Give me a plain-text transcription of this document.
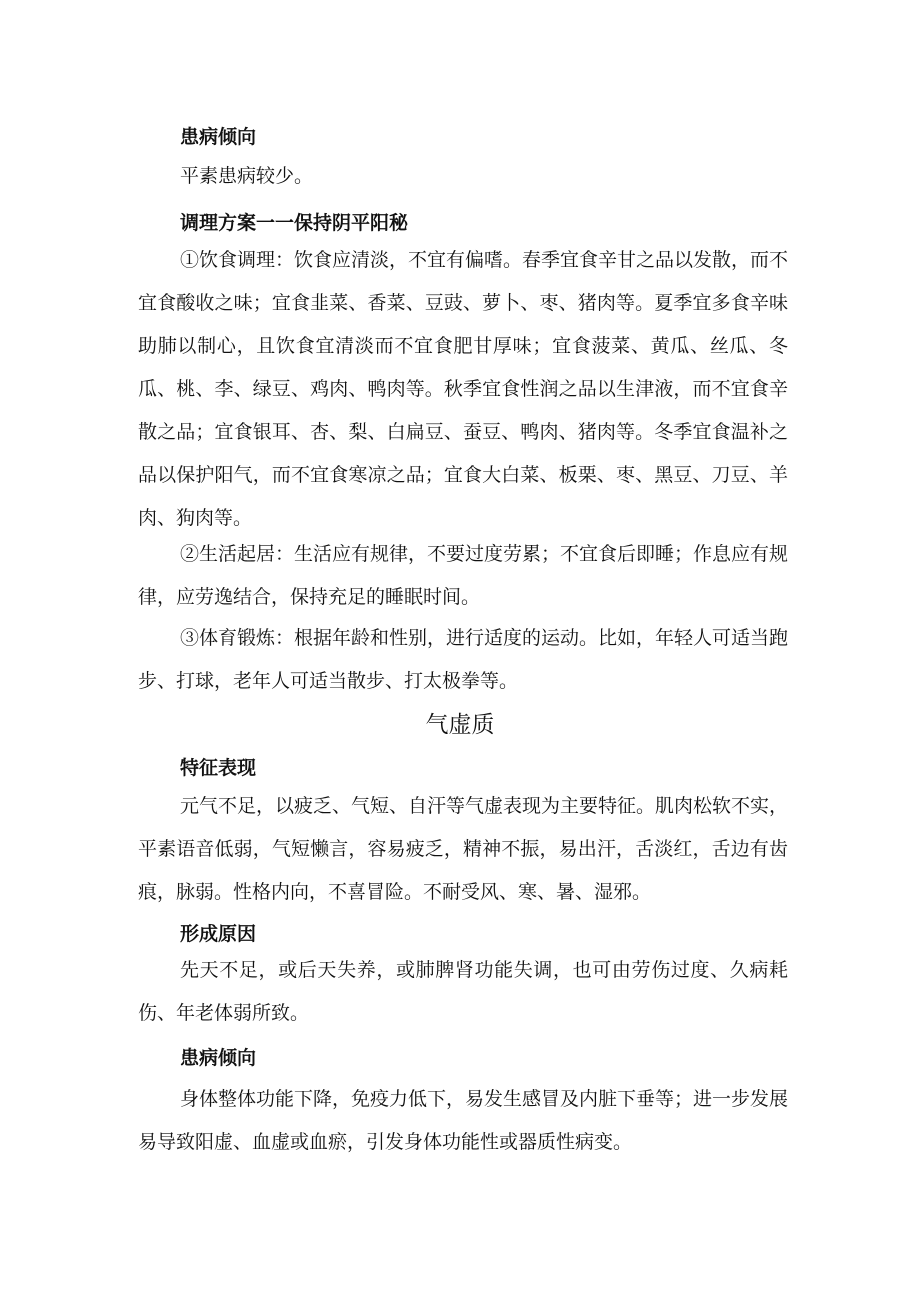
患病倾向

平素患病较少。

调理方案一一保持阴平阳秘

①饮食调理：饮食应清淡，不宜有偏嗜。春季宜食辛甘之品以发散，而不宜食酸收之味；宜食韭菜、香菜、豆豉、萝卜、枣、猪肉等。夏季宜多食辛味助肺以制心，且饮食宜清淡而不宜食肥甘厚味；宜食菠菜、黄瓜、丝瓜、冬瓜、桃、李、绿豆、鸡肉、鸭肉等。秋季宜食性润之品以生津液，而不宜食辛散之品；宜食银耳、杏、梨、白扁豆、蚕豆、鸭肉、猪肉等。冬季宜食温补之品以保护阳气，而不宜食寒凉之品；宜食大白菜、板栗、枣、黑豆、刀豆、羊肉、狗肉等。

②生活起居：生活应有规律，不要过度劳累；不宜食后即睡；作息应有规律，应劳逸结合，保持充足的睡眠时间。

③体育锻炼：根据年龄和性别，进行适度的运动。比如，年轻人可适当跑步、打球，老年人可适当散步、打太极拳等。

气虚质
特征表现

元气不足，以疲乏、气短、自汗等气虚表现为主要特征。肌肉松软不实，平素语音低弱，气短懒言，容易疲乏，精神不振，易出汗，舌淡红，舌边有齿痕，脉弱。性格内向，不喜冒险。不耐受风、寒、暑、湿邪。

形成原因

先天不足，或后天失养，或肺脾肾功能失调，也可由劳伤过度、久病耗伤、年老体弱所致。

患病倾向

身体整体功能下降，免疫力低下，易发生感冒及内脏下垂等；进一步发展易导致阳虚、血虚或血瘀，引发身体功能性或器质性病变。
